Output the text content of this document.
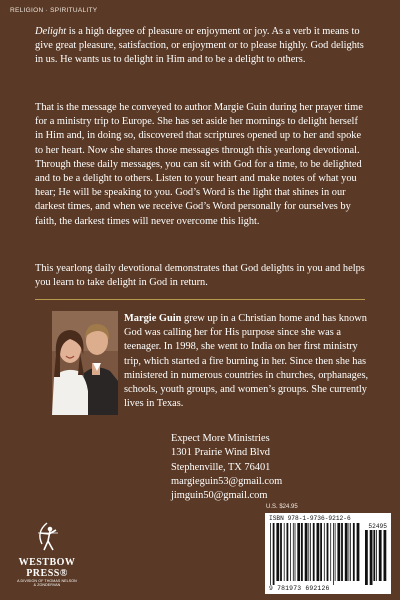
RELIGION · SPIRITUALITY

Delight is a high degree of pleasure or enjoyment or joy. As a verb it means to give great pleasure, satisfaction, or enjoyment or to please highly. God delights in us. He wants us to delight in Him and to be a delight to others.

That is the message he conveyed to author Margie Guin during her prayer time for a ministry trip to Europe. She has set aside her mornings to delight herself in Him and, in doing so, discovered that scriptures opened up to her and spoke to her heart. Now she shares those messages through this yearlong devotional. Through these daily messages, you can sit with God for a time, to be delighted and to be a delight to others. Listen to your heart and make notes of what you hear; He will be speaking to you. God’s Word is the light that shines in our darkest times, and when we receive God’s Word personally for ourselves by faith, the darkest times will never overcome this light.

This yearlong daily devotional demonstrates that God delights in you and helps you learn to take delight in God in return.

Margie Guin grew up in a Christian home and has known God was calling her for His purpose since she was a teenager. In 1998, she went to India on her first ministry trip, which started a fire burning in her. Since then she has ministered in numerous countries in churches, orphanages, schools, youth groups, and women’s groups. She currently lives in Texas.

Expect More Ministries
1301 Prairie Wind Blvd
Stephenville, TX 76401
margieguin53@gmail.com
jimguin50@gmail.com
WESTBOW
PRESS®
A DIVISION OF THOMAS NELSON
& ZONDERVAN
U.S. $24.95
ISBN 978-1-9736-9212-6
52495
9 781973 692126
